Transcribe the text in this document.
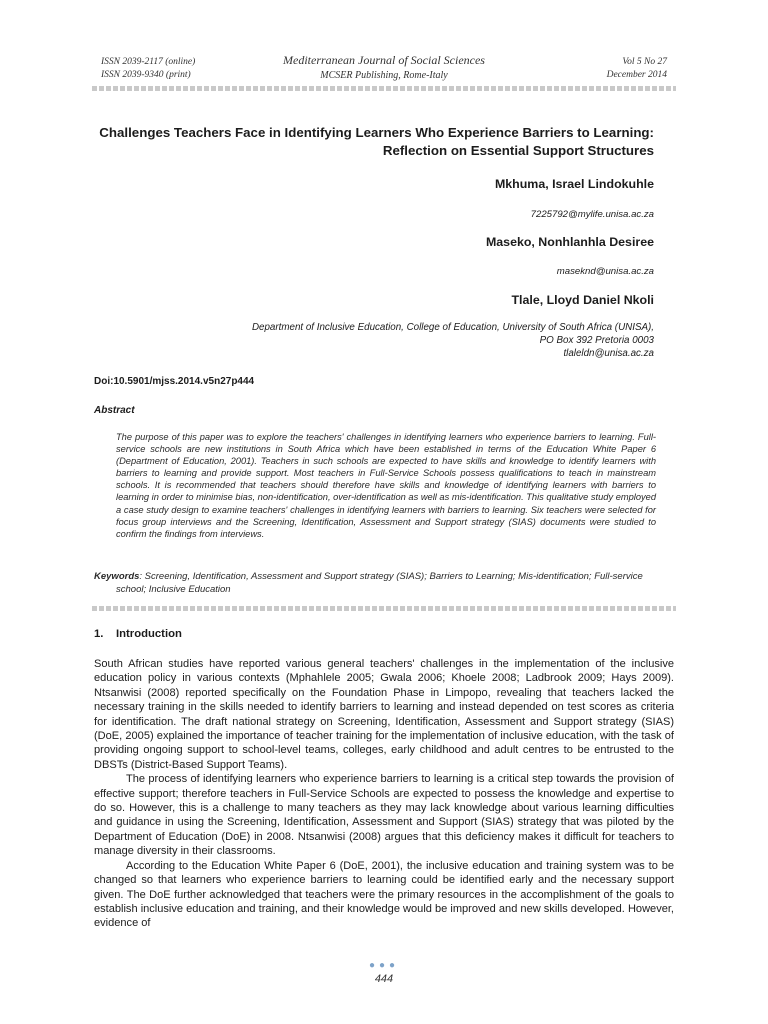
ISSN 2039-2117 (online)
ISSN 2039-9340 (print)
Mediterranean Journal of Social Sciences
MCSER Publishing, Rome-Italy
Vol 5 No 27
December 2014
Challenges Teachers Face in Identifying Learners Who Experience Barriers to Learning:
Reflection on Essential Support Structures
Mkhuma, Israel Lindokuhle
7225792@mylife.unisa.ac.za
Maseko, Nonhlanhla Desiree
maseknd@unisa.ac.za
Tlale, Lloyd Daniel Nkoli
Department of Inclusive Education, College of Education, University of South Africa (UNISA),
PO Box 392 Pretoria 0003
tlaleldn@unisa.ac.za
Doi:10.5901/mjss.2014.v5n27p444
Abstract
The purpose of this paper was to explore the teachers' challenges in identifying learners who experience barriers to learning. Full-service schools are new institutions in South Africa which have been established in terms of the Education White Paper 6 (Department of Education, 2001). Teachers in such schools are expected to have skills and knowledge to identify learners with barriers to learning and provide support. Most teachers in Full-Service Schools possess qualifications to teach in mainstream schools. It is recommended that teachers should therefore have skills and knowledge of identifying learners with barriers to learning in order to minimise bias, non-identification, over-identification as well as mis-identification. This qualitative study employed a case study design to examine teachers' challenges in identifying learners with barriers to learning. Six teachers were selected for focus group interviews and the Screening, Identification, Assessment and Support strategy (SIAS) documents were studied to confirm the findings from interviews.
Keywords: Screening, Identification, Assessment and Support strategy (SIAS); Barriers to Learning; Mis-identification; Full-service
school; Inclusive Education
1. Introduction

South African studies have reported various general teachers' challenges in the implementation of the inclusive education policy in various contexts (Mphahlele 2005; Gwala 2006; Khoele 2008; Ladbrook 2009; Hays 2009). Ntsanwisi (2008) reported specifically on the Foundation Phase in Limpopo, revealing that teachers lacked the necessary training in the skills needed to identify barriers to learning and instead depended on test scores as criteria for identification. The draft national strategy on Screening, Identification, Assessment and Support strategy (SIAS) (DoE, 2005) explained the importance of teacher training for the implementation of inclusive education, with the task of providing ongoing support to school-level teams, colleges, early childhood and adult centres to be entrusted to the DBSTs (District-Based Support Teams).

The process of identifying learners who experience barriers to learning is a critical step towards the provision of effective support; therefore teachers in Full-Service Schools are expected to possess the knowledge and expertise to do so. However, this is a challenge to many teachers as they may lack knowledge about various learning difficulties and guidance in using the Screening, Identification, Assessment and Support (SIAS) strategy that was piloted by the Department of Education (DoE) in 2008. Ntsanwisi (2008) argues that this deficiency makes it difficult for teachers to manage diversity in their classrooms.

According to the Education White Paper 6 (DoE, 2001), the inclusive education and training system was to be changed so that learners who experience barriers to learning could be identified early and the necessary support given. The DoE further acknowledged that teachers were the primary resources in the accomplishment of the goals to establish inclusive education and training, and their knowledge would be improved and new skills developed. However, evidence of

●●●
444
